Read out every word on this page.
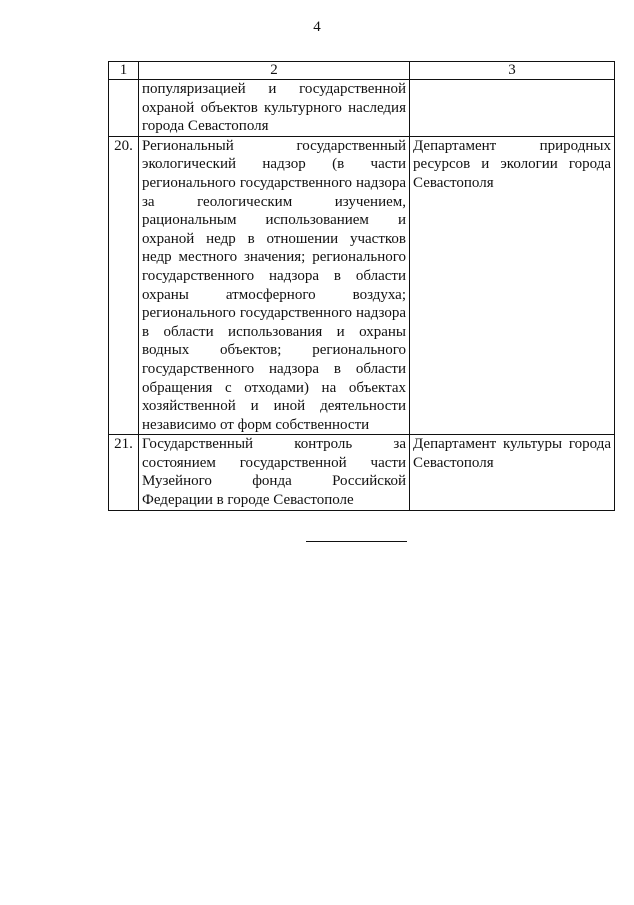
4
1	2	3
	популяризацией и государственной охраной объектов культурного наследия города Севастополя	
20.	Региональный государственный экологический надзор (в части регионального государственного надзора за геологическим изучением, рациональным использованием и охраной недр в отношении участков недр местного значения; регионального государственного надзора в области охраны атмосферного воздуха; регионального государственного надзора в области использования и охраны водных объектов; регионального государственного надзора в области обращения с отходами) на объектах хозяйственной и иной деятельности независимо от форм собственности	Департамент природных ресурсов и экологии города Севастополя
21.	Государственный контроль за состоянием государственной части Музейного фонда Российской Федерации в городе Севастополе	Департамент культуры города Севастополя
